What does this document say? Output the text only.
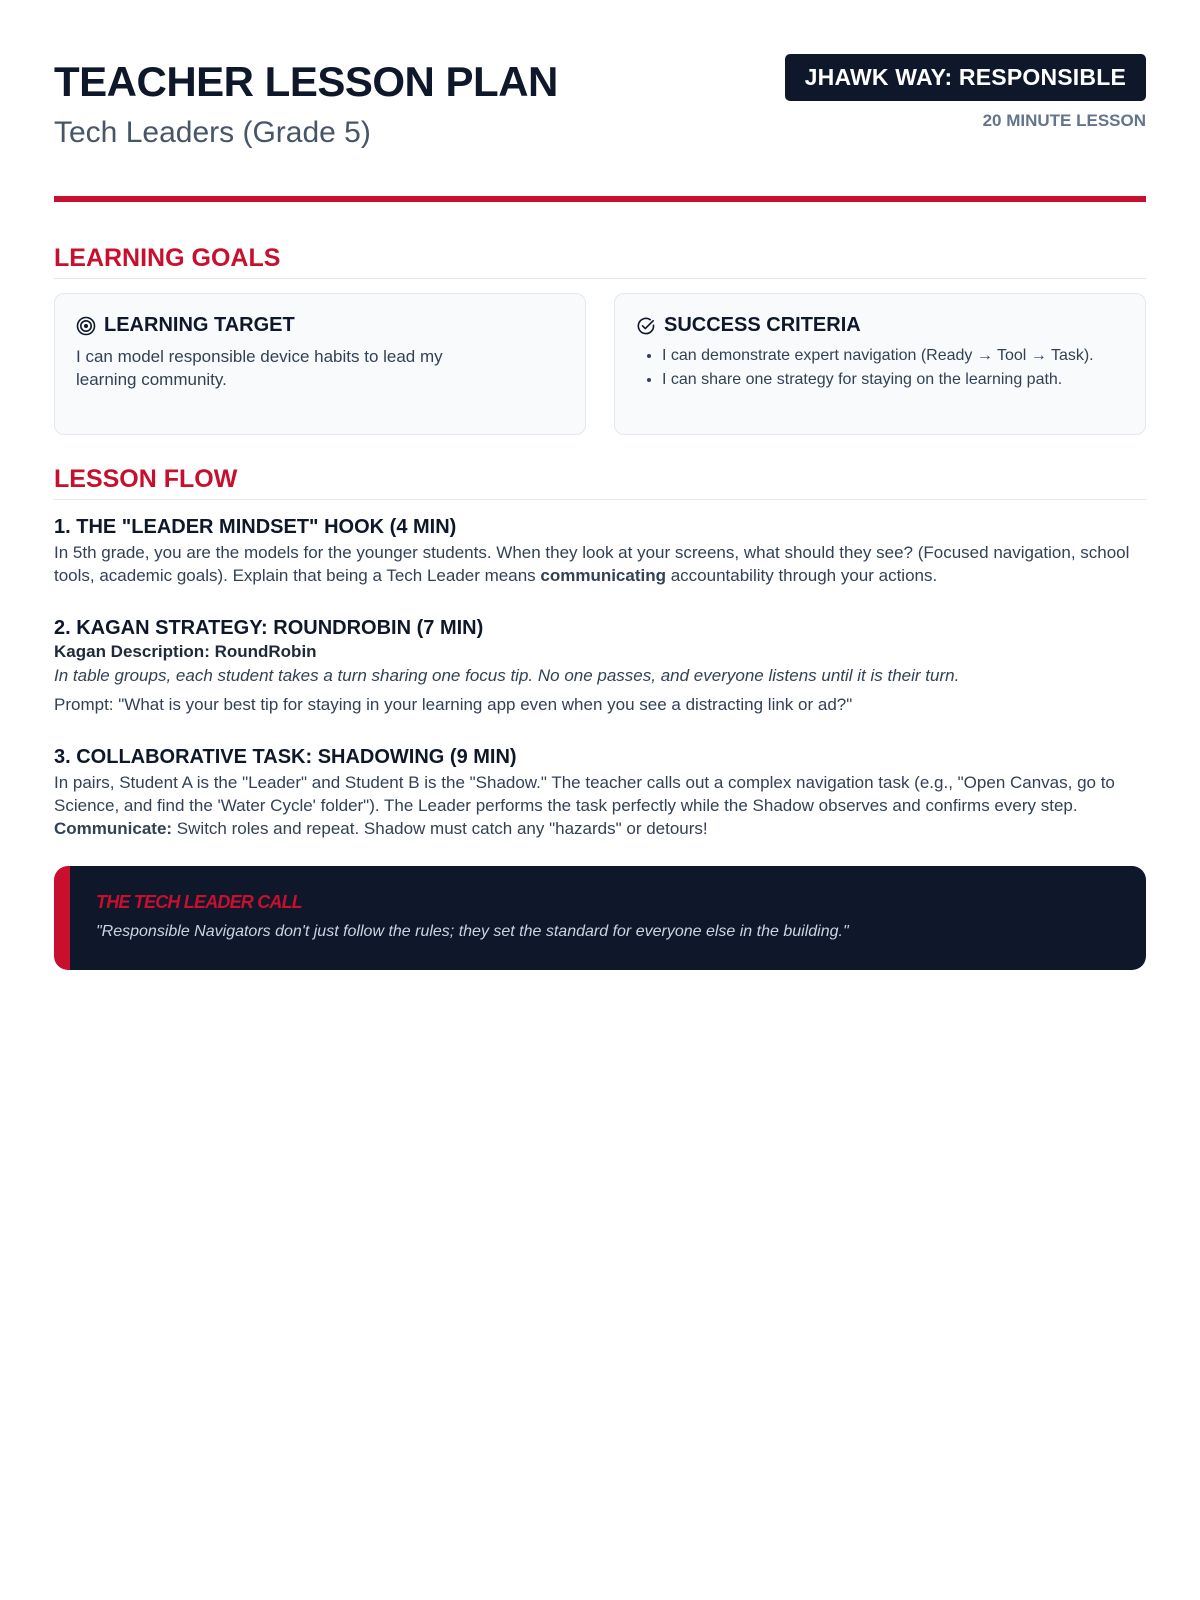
TEACHER LESSON PLAN

Tech Leaders (Grade 5)

JHAWK WAY: RESPONSIBLE
20 MINUTE LESSON
LEARNING GOALS
LEARNING TARGET
I can model responsible device habits to lead my learning community.
SUCCESS CRITERIA
• I can demonstrate expert navigation (Ready → Tool → Task).
• I can share one strategy for staying on the learning path.
LESSON FLOW
1. THE "LEADER MINDSET" HOOK (4 MIN)

In 5th grade, you are the models for the younger students. When they look at your screens, what should they see? (Focused navigation, school tools, academic goals). Explain that being a Tech Leader means communicating accountability through your actions.

2. KAGAN STRATEGY: ROUNDROBIN (7 MIN)

Kagan Description: RoundRobin

In table groups, each student takes a turn sharing one focus tip. No one passes, and everyone listens until it is their turn.

Prompt: "What is your best tip for staying in your learning app even when you see a distracting link or ad?"

3. COLLABORATIVE TASK: SHADOWING (9 MIN)

In pairs, Student A is the "Leader" and Student B is the "Shadow." The teacher calls out a complex navigation task (e.g., "Open Canvas, go to Science, and find the 'Water Cycle' folder"). The Leader performs the task perfectly while the Shadow observes and confirms every step. Communicate: Switch roles and repeat. Shadow must catch any "hazards" or detours!

THE TECH LEADER CALL

"Responsible Navigators don't just follow the rules; they set the standard for everyone else in the building."
